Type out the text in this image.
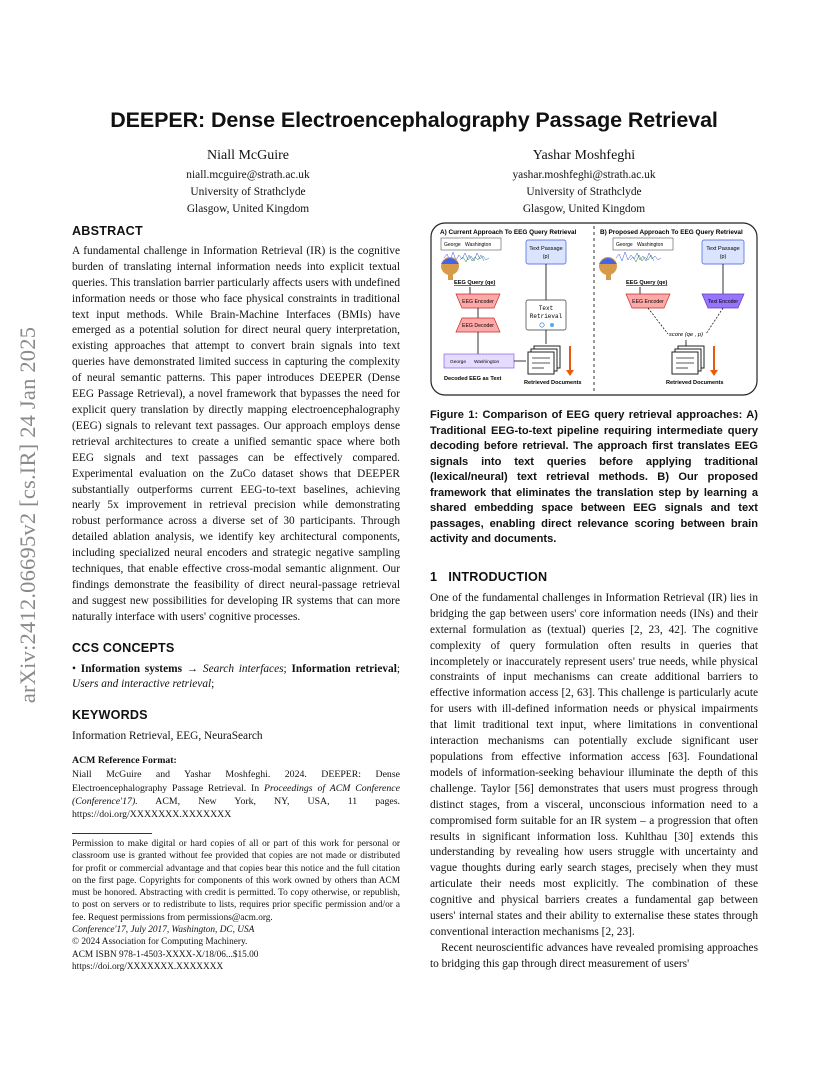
arXiv:2412.06695v2 [cs.IR] 24 Jan 2025
DEEPER: Dense Electroencephalography Passage Retrieval
Niall McGuire
niall.mcguire@strath.ac.uk
University of Strathclyde
Glasgow, United Kingdom
Yashar Moshfeghi
yashar.moshfeghi@strath.ac.uk
University of Strathclyde
Glasgow, United Kingdom
ABSTRACT

A fundamental challenge in Information Retrieval (IR) is the cognitive burden of translating internal information needs into explicit textual queries. This translation barrier particularly affects users with undefined information needs or those who face physical constraints in traditional text input methods. While Brain-Machine Interfaces (BMIs) have emerged as a potential solution for direct neural query interpretation, existing approaches that attempt to convert brain signals into text queries have demonstrated limited success in capturing the complexity of neural semantic patterns. This paper introduces DEEPER (Dense EEG Passage Retrieval), a novel framework that bypasses the need for explicit query translation by directly mapping electroencephalography (EEG) signals to relevant text passages. Our approach employs dense retrieval architectures to create a unified semantic space where both EEG signals and text passages can be effectively compared. Experimental evaluation on the ZuCo dataset shows that DEEPER substantially outperforms current EEG-to-text baselines, achieving nearly 5x improvement in retrieval precision while demonstrating robust performance across a diverse set of 30 participants. Through detailed ablation analysis, we identify key architectural components, including specialized neural encoders and strategic negative sampling techniques, that enable effective cross-modal semantic alignment. Our findings demonstrate the feasibility of direct neural-passage retrieval and suggest new possibilities for developing IR systems that can more naturally interface with users' cognitive processes.

CCS CONCEPTS

• Information systems → Search interfaces; Information retrieval; Users and interactive retrieval;

KEYWORDS

Information Retrieval, EEG, NeuraSearch

ACM Reference Format:
Niall McGuire and Yashar Moshfeghi. 2024. DEEPER: Dense Electroencephalography Passage Retrieval. In Proceedings of ACM Conference (Conference'17). ACM, New York, NY, USA, 11 pages. https://doi.org/XXXXXXX.XXXXXXX
Permission to make digital or hard copies of all or part of this work for personal or classroom use is granted without fee provided that copies are not made or distributed for profit or commercial advantage and that copies bear this notice and the full citation on the first page. Copyrights for components of this work owned by others than ACM must be honored. Abstracting with credit is permitted. To copy otherwise, or republish, to post on servers or to redistribute to lists, requires prior specific permission and/or a fee. Request permissions from permissions@acm.org.
Conference'17, July 2017, Washington, DC, USA
© 2024 Association for Computing Machinery.
ACM ISBN 978-1-4503-XXXX-X/18/06...$15.00
https://doi.org/XXXXXXX.XXXXXXX
A) Current Approach To EEG Query Retrieval
George Washington
Text Passage
(p)
EEG Query (qe)
EEG Encoder
EEG Decoder
George Washington
Decoded EEG as Text
Text
Retrieval
Retrieved Documents
B) Proposed Approach To EEG Query Retrieval
George Washington
Text Passage
(p)
EEG Query (qe)
EEG Encoder	Text Encoder
score (qe , p)
Retrieved Documents
Figure 1: Comparison of EEG query retrieval approaches: A) Traditional EEG-to-text pipeline requiring intermediate query decoding before retrieval. The approach first translates EEG signals into text queries before applying traditional (lexical/neural) text retrieval methods. B) Our proposed framework that eliminates the translation step by learning a shared embedding space between EEG signals and text passages, enabling direct relevance scoring between brain activity and documents.
1 INTRODUCTION

One of the fundamental challenges in Information Retrieval (IR) lies in bridging the gap between users' core information needs (INs) and their external formulation as (textual) queries [2, 23, 42]. The cognitive complexity of query formulation often results in queries that incompletely or inaccurately represent users' true needs, while physical constraints of input mechanisms can create additional barriers to effective information access [2, 63]. This challenge is particularly acute for users with ill-defined information needs or physical impairments that limit traditional text input, where limitations in conventional interaction mechanisms can potentially exclude significant user populations from effective information access [63]. Foundational models of information-seeking behaviour illuminate the depth of this challenge. Taylor [56] demonstrates that users must progress through distinct stages, from a visceral, unconscious information need to a compromised form suitable for an IR system – a progression that often results in significant information loss. Kuhlthau [30] extends this understanding by revealing how users struggle with uncertainty and vague thoughts during early search stages, precisely when they must articulate their needs most explicitly. The combination of these cognitive and physical barriers creates a fundamental gap between users' internal states and their ability to externalise these states through conventional interaction mechanisms [2, 23].

Recent neuroscientific advances have revealed promising approaches to bridging this gap through direct measurement of users'
